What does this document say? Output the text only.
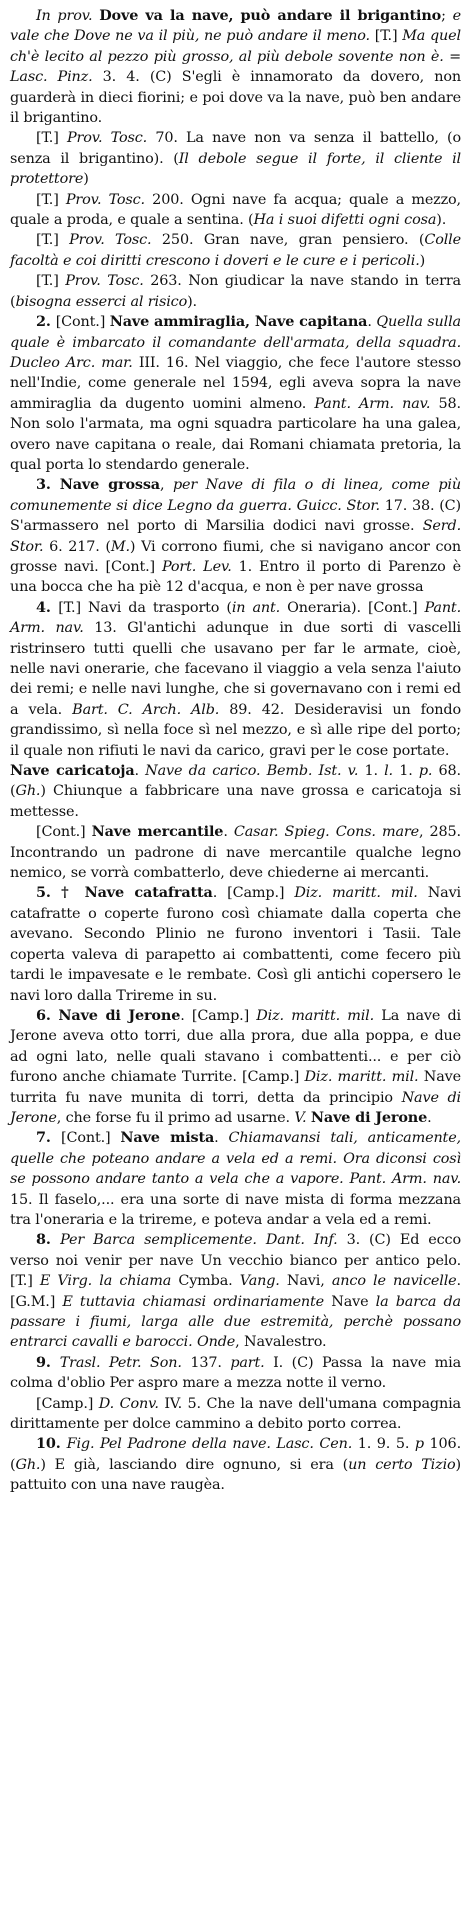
In prov. Dove va la nave, può andare il brigantino; e vale che Dove ne va il più, ne può andare il meno. [T.] Ma quel ch'è lecito al pezzo più grosso, al più debole sovente non è. = Lasc. Pinz. 3. 4. (C) S'egli è innamorato da dovero, non guarderà in dieci fiorini; e poi dove va la nave, può ben andare il brigantino.

[T.] Prov. Tosc. 70. La nave non va senza il battello, (o senza il brigantino). (Il debole segue il forte, il cliente il protettore)

[T.] Prov. Tosc. 200. Ogni nave fa acqua; quale a mezzo, quale a proda, e quale a sentina. (Ha i suoi difetti ogni cosa).

[T.] Prov. Tosc. 250. Gran nave, gran pensiero. (Colle facoltà e coi diritti crescono i doveri e le cure e i pericoli.)

[T.] Prov. Tosc. 263. Non giudicar la nave stando in terra (bisogna esserci al risico).

2. [Cont.] Nave ammiraglia, Nave capitana. Quella sulla quale è imbarcato il comandante dell'armata, della squadra. Ducleo Arc. mar. III. 16. Nel viaggio, che fece l'autore stesso nell'Indie, come generale nel 1594, egli aveva sopra la nave ammiraglia da dugento uomini almeno. Pant. Arm. nav. 58. Non solo l'armata, ma ogni squadra particolare ha una galea, overo nave capitana o reale, dai Romani chiamata pretoria, la qual porta lo stendardo generale.

3. Nave grossa, per Nave di fila o di linea, come più comunemente si dice Legno da guerra. Guicc. Stor. 17. 38. (C) S'armassero nel porto di Marsilia dodici navi grosse. Serd. Stor. 6. 217. (M.) Vi corrono fiumi, che si navigano ancor con grosse navi. [Cont.] Port. Lev. 1. Entro il porto di Parenzo è una bocca che ha piè 12 d'acqua, e non è per nave grossa

4. [T.] Navi da trasporto (in ant. Oneraria). [Cont.] Pant. Arm. nav. 13. Gl'antichi adunque in due sorti di vascelli ristrinsero tutti quelli che usavano per far le armate, cioè, nelle navi onerarie, che facevano il viaggio a vela senza l'aiuto dei remi; e nelle navi lunghe, che si governavano con i remi ed a vela. Bart. C. Arch. Alb. 89. 42. Desideravisi un fondo grandissimo, sì nella foce sì nel mezzo, e sì alle ripe del porto; il quale non rifiuti le navi da carico, gravi per le cose portate.

Nave caricatoja. Nave da carico. Bemb. Ist. v. 1. l. 1. p. 68. (Gh.) Chiunque a fabbricare una nave grossa e caricatoja si mettesse.

[Cont.] Nave mercantile. Casar. Spieg. Cons. mare, 285. Incontrando un padrone di nave mercantile qualche legno nemico, se vorrà combatterlo, deve chiederne ai mercanti.

5. † Nave catafratta. [Camp.] Diz. maritt. mil. Navi catafratte o coperte furono così chiamate dalla coperta che avevano. Secondo Plinio ne furono inventori i Tasii. Tale coperta valeva di parapetto ai combattenti, come fecero più tardi le impavesate e le rembate. Così gli antichi copersero le navi loro dalla Trireme in su.

6. Nave di Jerone. [Camp.] Diz. maritt. mil. La nave di Jerone aveva otto torri, due alla prora, due alla poppa, e due ad ogni lato, nelle quali stavano i combattenti... e per ciò furono anche chiamate Turrite. [Camp.] Diz. maritt. mil. Nave turrita fu nave munita di torri, detta da principio Nave di Jerone, che forse fu il primo ad usarne. V. Nave di Jerone.

7. [Cont.] Nave mista. Chiamavansi tali, anticamente, quelle che poteano andare a vela ed a remi. Ora diconsi così se possono andare tanto a vela che a vapore. Pant. Arm. nav. 15. Il faselo,... era una sorte di nave mista di forma mezzana tra l'oneraria e la trireme, e poteva andar a vela ed a remi.

8. Per Barca semplicemente. Dant. Inf. 3. (C) Ed ecco verso noi venir per nave Un vecchio bianco per antico pelo. [T.] E Virg. la chiama Cymba. Vang. Navi, anco le navicelle. [G.M.] E tuttavia chiamasi ordinariamente Nave la barca da passare i fiumi, larga alle due estremità, perchè possano entrarci cavalli e barocci. Onde, Navalestro.

9. Trasl. Petr. Son. 137. part. I. (C) Passa la nave mia colma d'oblio Per aspro mare a mezza notte il verno.

[Camp.] D. Conv. IV. 5. Che la nave dell'umana compagnia dirittamente per dolce cammino a debito porto correa.

10. Fig. Pel Padrone della nave. Lasc. Cen. 1. 9. 5. p 106. (Gh.) E già, lasciando dire ognuno, si era (un certo Tizio) pattuito con una nave raugèa.
